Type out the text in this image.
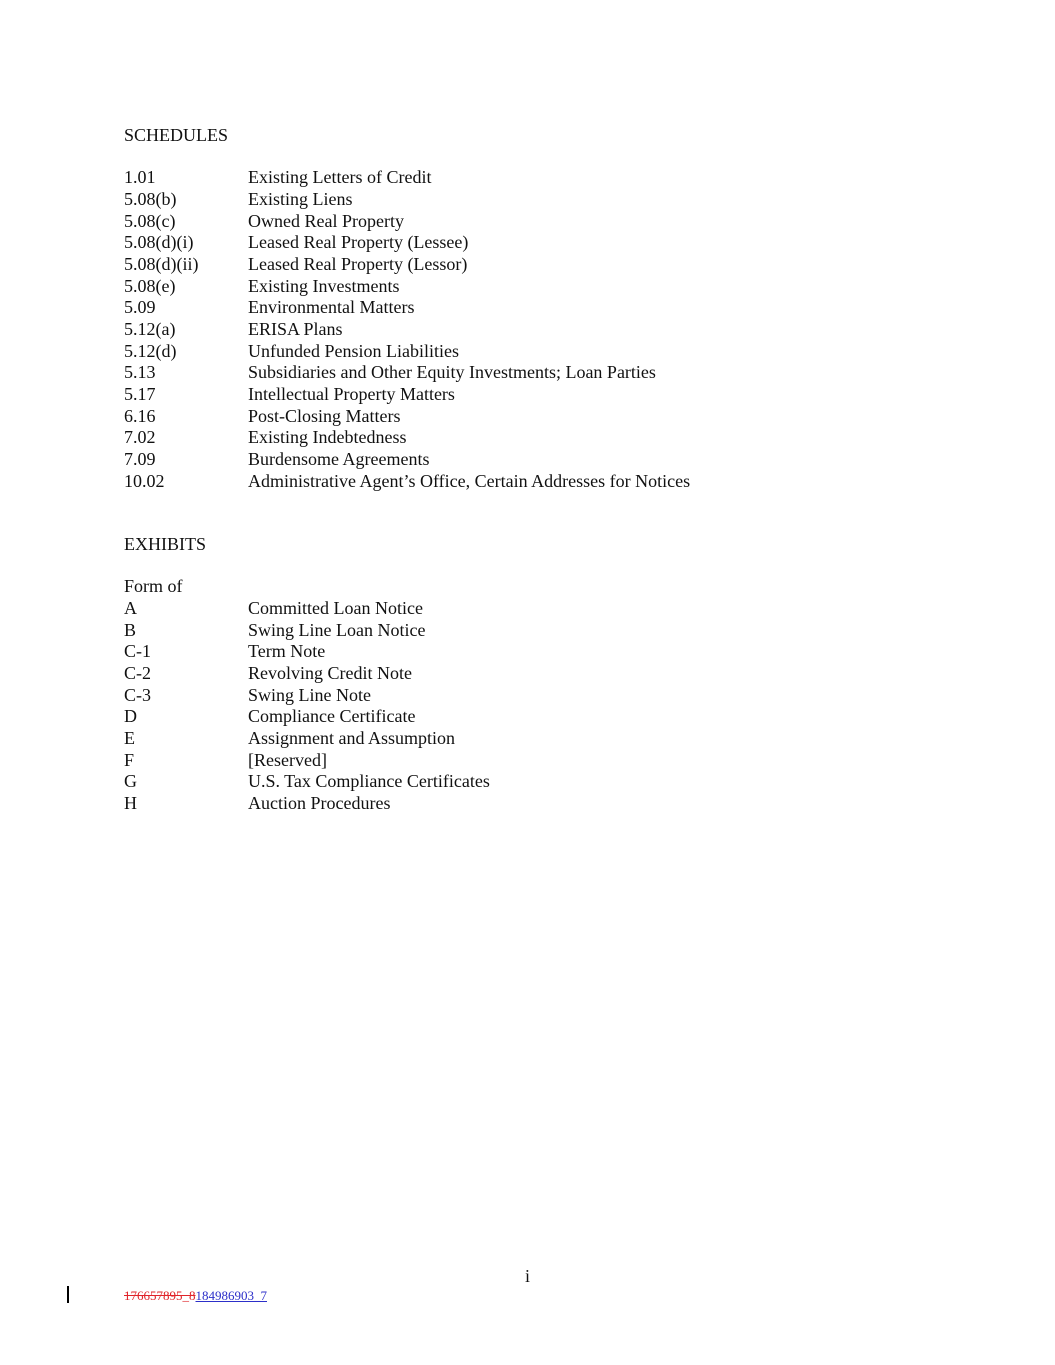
SCHEDULES
1.01	Existing Letters of Credit
5.08(b)	Existing Liens
5.08(c)	Owned Real Property
5.08(d)(i)	Leased Real Property (Lessee)
5.08(d)(ii)	Leased Real Property (Lessor)
5.08(e)	Existing Investments
5.09	Environmental Matters
5.12(a)	ERISA Plans
5.12(d)	Unfunded Pension Liabilities
5.13	Subsidiaries and Other Equity Investments; Loan Parties
5.17	Intellectual Property Matters
6.16	Post-Closing Matters
7.02	Existing Indebtedness
7.09	Burdensome Agreements
10.02	Administrative Agent’s Office, Certain Addresses for Notices
EXHIBITS
Form of
A	Committed Loan Notice
B	Swing Line Loan Notice
C-1	Term Note
C-2	Revolving Credit Note
C-3	Swing Line Note
D	Compliance Certificate
E	Assignment and Assumption
F	[Reserved]
G	U.S. Tax Compliance Certificates
H	Auction Procedures
i
176657895_8184986903_7
